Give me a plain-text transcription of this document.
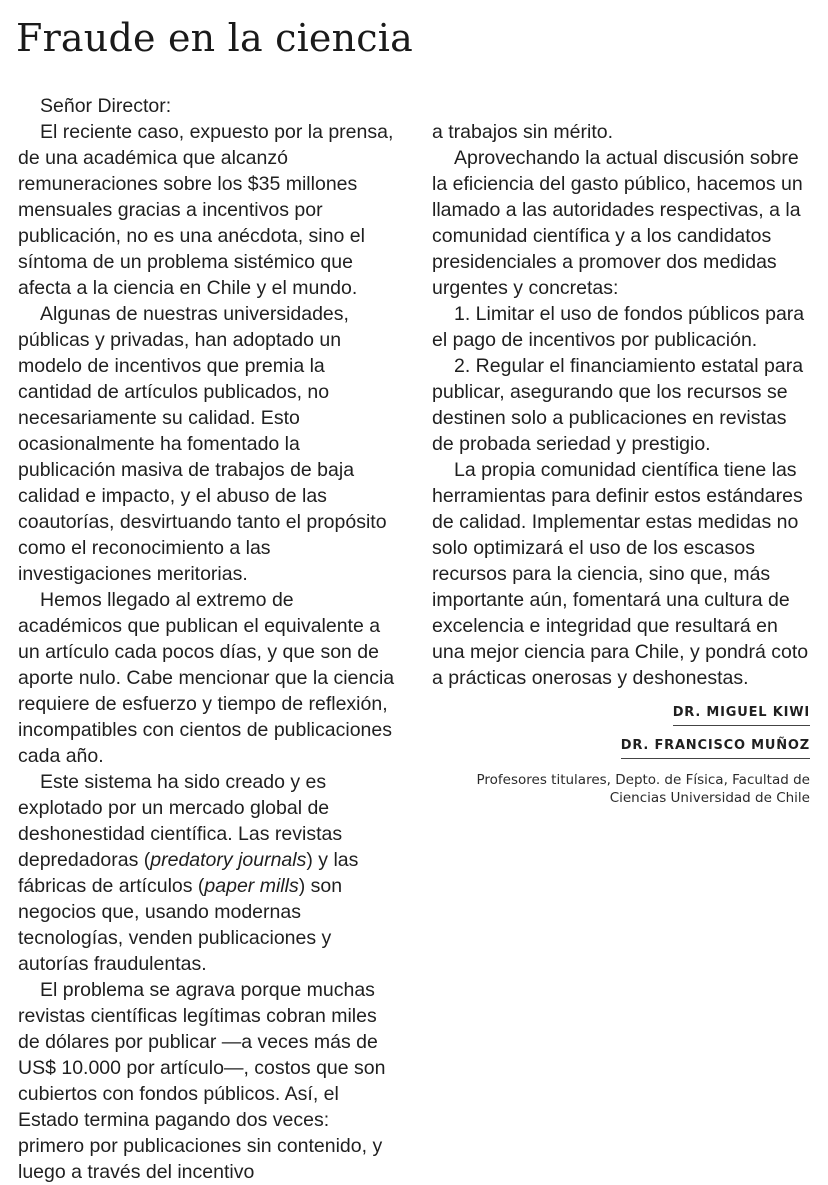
Fraude en la ciencia

Señor Director:

El reciente caso, expuesto por la prensa, de una académica que alcanzó remuneraciones sobre los $35 millones mensuales gracias a incentivos por publicación, no es una anécdota, sino el síntoma de un problema sistémico que afecta a la ciencia en Chile y el mundo.

Algunas de nuestras universidades, públicas y privadas, han adoptado un modelo de incentivos que premia la cantidad de artículos publicados, no necesariamente su calidad. Esto ocasionalmente ha fomentado la publicación masiva de trabajos de baja calidad e impacto, y el abuso de las coautorías, desvirtuando tanto el propósito como el reconocimiento a las investigaciones meritorias.

Hemos llegado al extremo de académicos que publican el equivalente a un artículo cada pocos días, y que son de aporte nulo. Cabe mencionar que la ciencia requiere de esfuerzo y tiempo de reflexión, incompatibles con cientos de publicaciones cada año.

Este sistema ha sido creado y es explotado por un mercado global de deshonestidad científica. Las revistas depredadoras (predatory journals) y las fábricas de artículos (paper mills) son negocios que, usando modernas tecnologías, venden publicaciones y autorías fraudulentas.

El problema se agrava porque muchas revistas científicas legítimas cobran miles de dólares por publicar —a veces más de US$ 10.000 por artículo—, costos que son cubiertos con fondos públicos. Así, el Estado termina pagando dos veces: primero por publicaciones sin contenido, y luego a través del incentivo

a trabajos sin mérito.

Aprovechando la actual discusión sobre la eficiencia del gasto público, hacemos un llamado a las autoridades respectivas, a la comunidad científica y a los candidatos presidenciales a promover dos medidas urgentes y concretas:

1. Limitar el uso de fondos públicos para el pago de incentivos por publicación.

2. Regular el financiamiento estatal para publicar, asegurando que los recursos se destinen solo a publicaciones en revistas de probada seriedad y prestigio.

La propia comunidad científica tiene las herramientas para definir estos estándares de calidad. Implementar estas medidas no solo optimizará el uso de los escasos recursos para la ciencia, sino que, más importante aún, fomentará una cultura de excelencia e integridad que resultará en una mejor ciencia para Chile, y pondrá coto a prácticas onerosas y deshonestas.

DR. MIGUEL KIWI
DR. FRANCISCO MUÑOZ
Profesores titulares, Depto. de Física, Facultad de
Ciencias Universidad de Chile
